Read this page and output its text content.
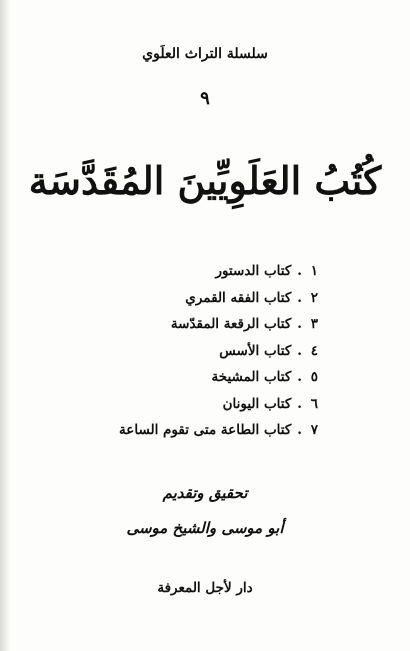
سلسلة التراث العلَوي
٩
كُتُبُ العَلَوِيِّينَ المُقَدَّسَة
١.كتاب الدستور
٢.كتاب الفقه القمري
٣.كتاب الرقعة المقدّسة
٤.كتاب الأسس
٥.كتاب المشيخة
٦.كتاب اليونان
٧.كتاب الطاعة متى تقوم الساعة
تحقيق وتقديم
أبو موسى والشيخ موسى
دار لأجل المعرفة
